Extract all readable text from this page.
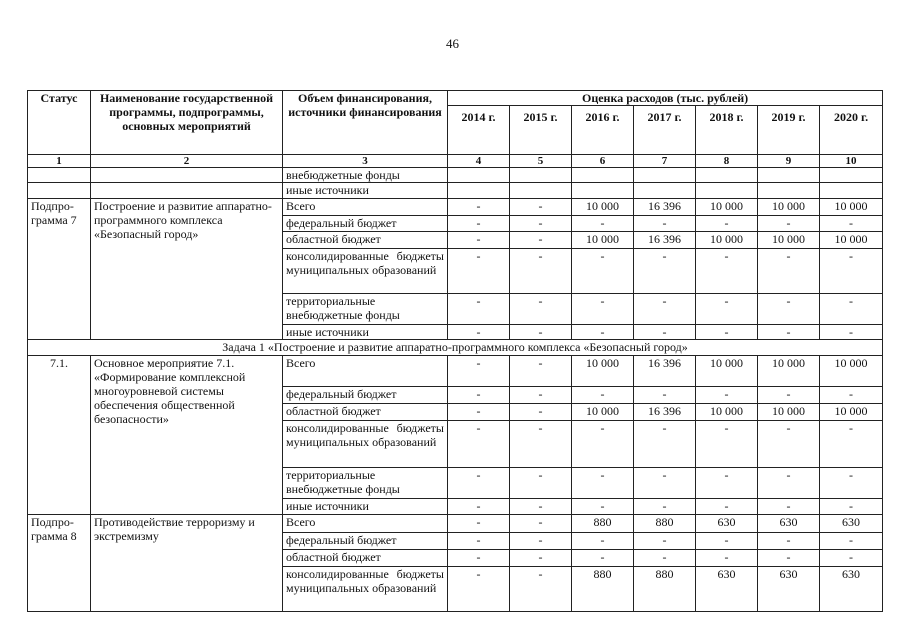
46
Статус	Наименование государственной программы, подпрограммы, основных мероприятий	Объем финансирования, источники финансирования	Оценка расходов (тыс. рублей)						
			2014 г.	2015 г.	2016 г.	2017 г.	2018 г.	2019 г.	2020 г.
1	2	3	4	5	6	7	8	9	10
		внебюджетные фонды							
		иные источники							
Подпро-грамма 7	Построение и развитие аппаратно-программного комплекса «Безопасный город»	Всего	-	-	10 000	16 396	10 000	10 000	10 000
		федеральный бюджет	-	-	-	-	-	-	-
		областной бюджет	-	-	10 000	16 396	10 000	10 000	10 000
		консолидированные бюджеты муниципальных образований	-	-	-	-	-	-	-
		территориальные внебюджетные фонды	-	-	-	-	-	-	-
		иные источники	-	-	-	-	-	-	-
Задача 1 «Построение и развитие аппаратно-программного комплекса «Безопасный город»									
7.1.	Основное мероприятие 7.1. «Формирование комплексной многоуровневой системы обеспечения общественной безопасности»	Всего	-	-	10 000	16 396	10 000	10 000	10 000
		федеральный бюджет	-	-	-	-	-	-	-
		областной бюджет	-	-	10 000	16 396	10 000	10 000	10 000
		консолидированные бюджеты муниципальных образований	-	-	-	-	-	-	-
		территориальные внебюджетные фонды	-	-	-	-	-	-	-
		иные источники	-	-	-	-	-	-	-
Подпро-грамма 8	Противодействие терроризму и экстремизму	Всего	-	-	880	880	630	630	630
		федеральный бюджет	-	-	-	-	-	-	-
		областной бюджет	-	-	-	-	-	-	-
		консолидированные бюджеты муниципальных образований	-	-	880	880	630	630	630
